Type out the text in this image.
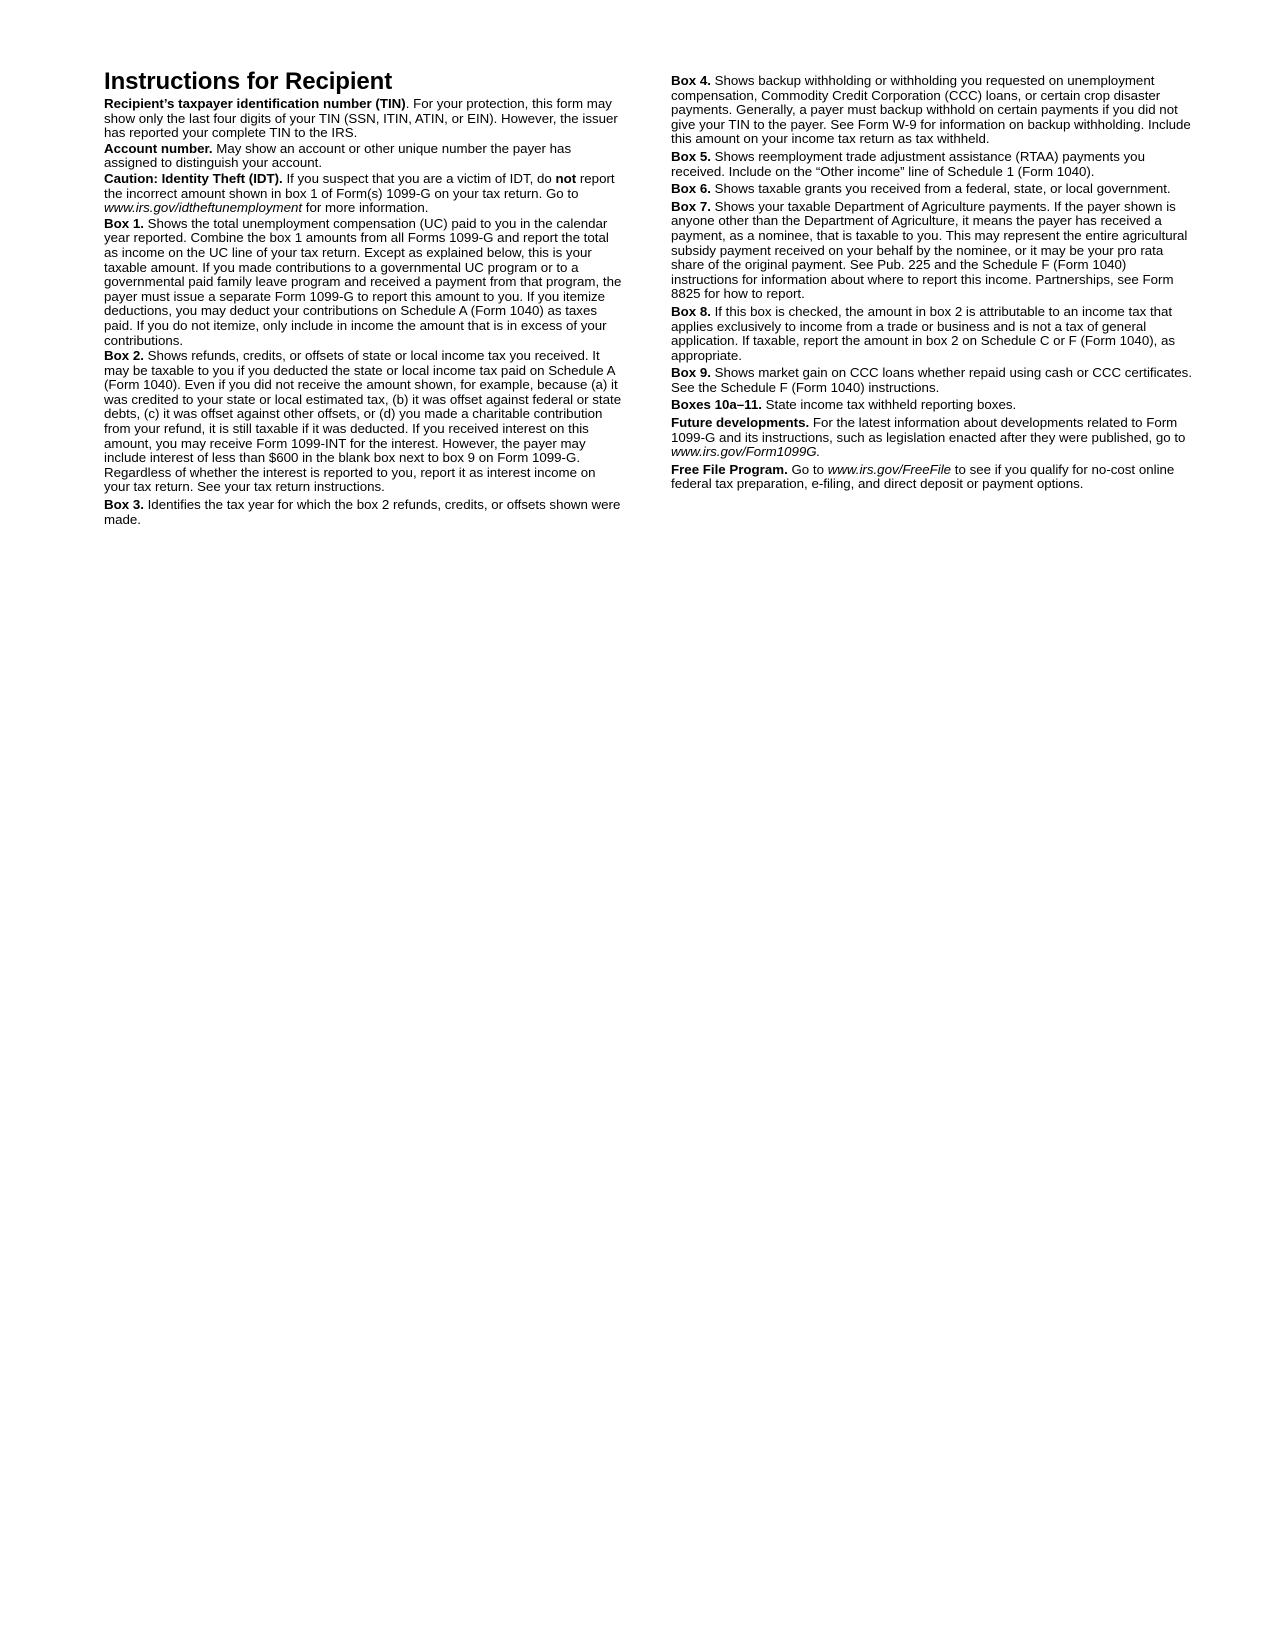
Instructions for Recipient

Recipient’s taxpayer identification number (TIN). For your protection, this form may show only the last four digits of your TIN (SSN, ITIN, ATIN, or EIN). However, the issuer has reported your complete TIN to the IRS.

Account number. May show an account or other unique number the payer has assigned to distinguish your account.

Caution: Identity Theft (IDT). If you suspect that you are a victim of IDT, do not report the incorrect amount shown in box 1 of Form(s) 1099-G on your tax return. Go to www.irs.gov/idtheftunemployment for more information.

Box 1. Shows the total unemployment compensation (UC) paid to you in the calendar year reported. Combine the box 1 amounts from all Forms 1099-G and report the total as income on the UC line of your tax return. Except as explained below, this is your taxable amount. If you made contributions to a governmental UC program or to a governmental paid family leave program and received a payment from that program, the payer must issue a separate Form 1099-G to report this amount to you. If you itemize deductions, you may deduct your contributions on Schedule A (Form 1040) as taxes paid. If you do not itemize, only include in income the amount that is in excess of your contributions.

Box 2. Shows refunds, credits, or offsets of state or local income tax you received. It may be taxable to you if you deducted the state or local income tax paid on Schedule A (Form 1040). Even if you did not receive the amount shown, for example, because (a) it was credited to your state or local estimated tax, (b) it was offset against federal or state debts, (c) it was offset against other offsets, or (d) you made a charitable contribution from your refund, it is still taxable if it was deducted. If you received interest on this amount, you may receive Form 1099-INT for the interest. However, the payer may include interest of less than $600 in the blank box next to box 9 on Form 1099-G. Regardless of whether the interest is reported to you, report it as interest income on your tax return. See your tax return instructions.

Box 3. Identifies the tax year for which the box 2 refunds, credits, or offsets shown were made.

Box 4. Shows backup withholding or withholding you requested on unemployment compensation, Commodity Credit Corporation (CCC) loans, or certain crop disaster payments. Generally, a payer must backup withhold on certain payments if you did not give your TIN to the payer. See Form W-9 for information on backup withholding. Include this amount on your income tax return as tax withheld.

Box 5. Shows reemployment trade adjustment assistance (RTAA) payments you received. Include on the “Other income” line of Schedule 1 (Form 1040).

Box 6. Shows taxable grants you received from a federal, state, or local government.

Box 7. Shows your taxable Department of Agriculture payments. If the payer shown is anyone other than the Department of Agriculture, it means the payer has received a payment, as a nominee, that is taxable to you. This may represent the entire agricultural subsidy payment received on your behalf by the nominee, or it may be your pro rata share of the original payment. See Pub. 225 and the Schedule F (Form 1040) instructions for information about where to report this income. Partnerships, see Form 8825 for how to report.

Box 8. If this box is checked, the amount in box 2 is attributable to an income tax that applies exclusively to income from a trade or business and is not a tax of general application. If taxable, report the amount in box 2 on Schedule C or F (Form 1040), as appropriate.

Box 9. Shows market gain on CCC loans whether repaid using cash or CCC certificates. See the Schedule F (Form 1040) instructions.

Boxes 10a–11. State income tax withheld reporting boxes.

Future developments. For the latest information about developments related to Form 1099-G and its instructions, such as legislation enacted after they were published, go to www.irs.gov/Form1099G.

Free File Program. Go to www.irs.gov/FreeFile to see if you qualify for no-cost online federal tax preparation, e-filing, and direct deposit or payment options.
